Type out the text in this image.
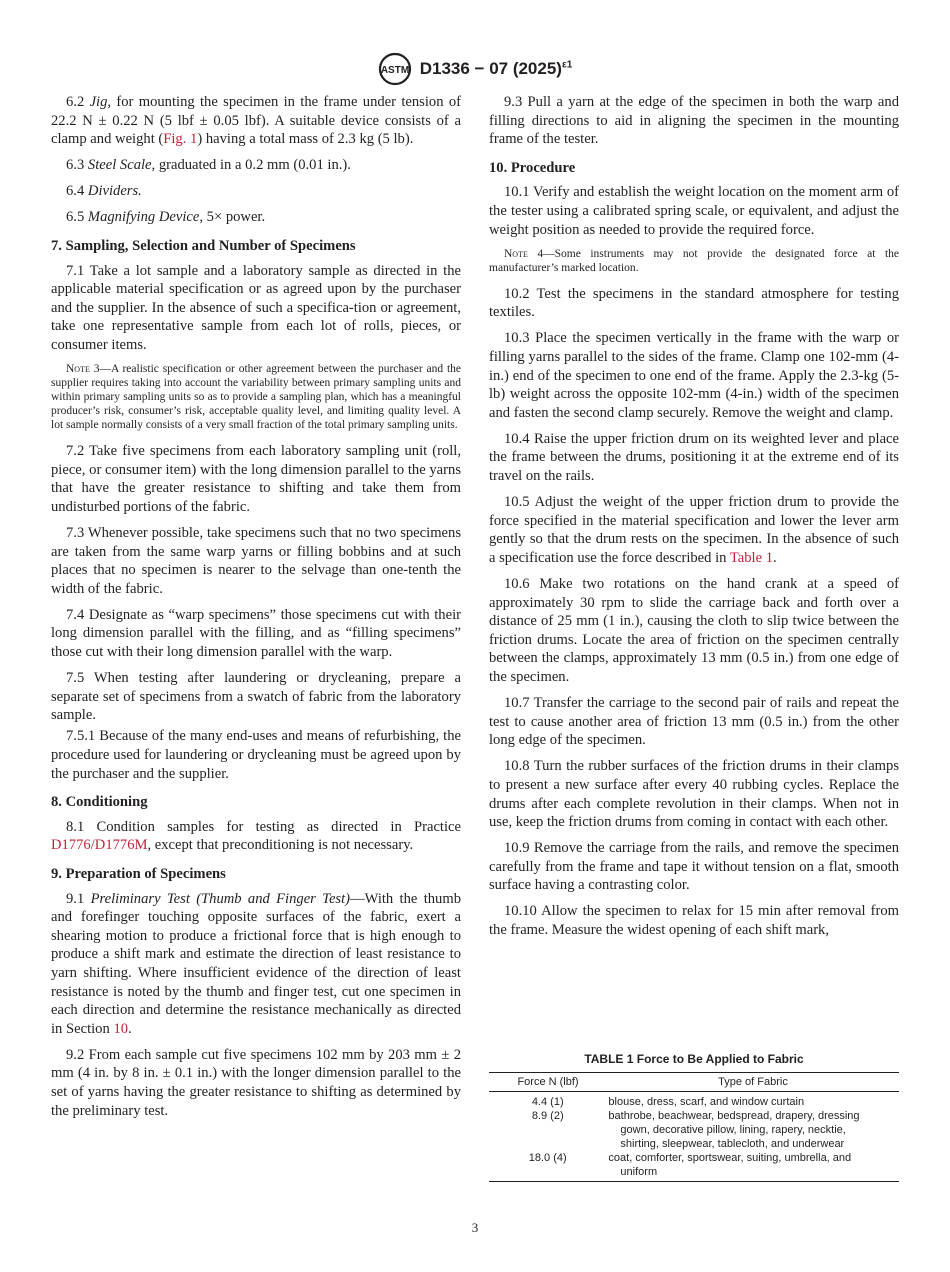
ASTM D1336 − 07 $(2025)^{\varepsilon 1}$

6.2 Jig, for mounting the specimen in the frame under tension of 22.2 N ± 0.22 N (5 lbf ± 0.05 lbf). A suitable device consists of a clamp and weight (Fig. 1) having a total mass of 2.3 kg (5 lb).

6.3 Steel Scale, graduated in a 0.2 mm (0.01 in.).

6.4 Dividers.

6.5 Magnifying Device, 5× power.

7. Sampling, Selection and Number of Specimens

7.1 Take a lot sample and a laboratory sample as directed in the applicable material specification or as agreed upon by the purchaser and the supplier. In the absence of such a specifica-tion or agreement, take one representative sample from each lot of rolls, pieces, or consumer items.

Note 3—A realistic specification or other agreement between the purchaser and the supplier requires taking into account the variability between primary sampling units and within primary sampling units so as to provide a sampling plan, which has a meaningful producer’s risk, consumer’s risk, acceptable quality level, and limiting quality level. A lot sample normally consists of a very small fraction of the total primary sampling units.

7.2 Take five specimens from each laboratory sampling unit (roll, piece, or consumer item) with the long dimension parallel to the yarns that have the greater resistance to shifting and take them from undisturbed portions of the fabric.

7.3 Whenever possible, take specimens such that no two specimens are taken from the same warp yarns or filling bobbins and at such places that no specimen is nearer to the selvage than one-tenth the width of the fabric.

7.4 Designate as “warp specimens” those specimens cut with their long dimension parallel with the filling, and as “filling specimens” those cut with their long dimension parallel with the warp.

7.5 When testing after laundering or drycleaning, prepare a separate set of specimens from a swatch of fabric from the laboratory sample.

7.5.1 Because of the many end-uses and means of refurbishing, the procedure used for laundering or drycleaning must be agreed upon by the purchaser and the supplier.

8. Conditioning

8.1 Condition samples for testing as directed in Practice D1776/D1776M, except that preconditioning is not necessary.

9. Preparation of Specimens

9.1 Preliminary Test (Thumb and Finger Test)—With the thumb and forefinger touching opposite surfaces of the fabric, exert a shearing motion to produce a frictional force that is high enough to produce a shift mark and estimate the direction of least resistance to yarn shifting. Where insufficient evidence of the direction of least resistance is noted by the thumb and finger test, cut one specimen in each direction and determine the resistance mechanically as directed in Section 10.

9.2 From each sample cut five specimens 102 mm by 203 mm ± 2 mm (4 in. by 8 in. ± 0.1 in.) with the longer dimension parallel to the set of yarns having the greater resistance to shifting as determined by the preliminary test.

9.3 Pull a yarn at the edge of the specimen in both the warp and filling directions to aid in aligning the specimen in the mounting frame of the tester.

10. Procedure

10.1 Verify and establish the weight location on the moment arm of the tester using a calibrated spring scale, or equivalent, and adjust the weight position as needed to provide the required force.

Note 4—Some instruments may not provide the designated force at the manufacturer’s marked location.

10.2 Test the specimens in the standard atmosphere for testing textiles.

10.3 Place the specimen vertically in the frame with the warp or filling yarns parallel to the sides of the frame. Clamp one 102-mm (4-in.) end of the specimen to one end of the frame. Apply the 2.3-kg (5-lb) weight across the opposite 102-mm (4-in.) width of the specimen and fasten the second clamp securely. Remove the weight and clamp.

10.4 Raise the upper friction drum on its weighted lever and place the frame between the drums, positioning it at the extreme end of its travel on the rails.

10.5 Adjust the weight of the upper friction drum to provide the force specified in the material specification and lower the lever arm gently so that the drum rests on the specimen. In the absence of such a specification use the force described in Table 1.

10.6 Make two rotations on the hand crank at a speed of approximately 30 rpm to slide the carriage back and forth over a distance of 25 mm (1 in.), causing the cloth to slip twice between the friction drums. Locate the area of friction on the specimen centrally between the clamps, approximately 13 mm (0.5 in.) from one edge of the specimen.

10.7 Transfer the carriage to the second pair of rails and repeat the test to cause another area of friction 13 mm (0.5 in.) from the other long edge of the specimen.

10.8 Turn the rubber surfaces of the friction drums in their clamps to present a new surface after every 40 rubbing cycles. Replace the drums after each complete revolution in their clamps. When not in use, keep the friction drums from coming in contact with each other.

10.9 Remove the carriage from the rails, and remove the specimen carefully from the frame and tape it without tension on a flat, smooth surface having a contrasting color.

10.10 Allow the specimen to relax for 15 min after removal from the frame. Measure the widest opening of each shift mark,

TABLE 1 Force to Be Applied to Fabric
Force N (lbf)	Type of Fabric
4.4 (1)	blouse, dress, scarf, and window curtain
8.9 (2)	bathrobe, beachwear, bedspread, drapery, dressing
gown, decorative pillow, lining, rapery, necktie,
shirting, sleepwear, tablecloth, and underwear
18.0 (4)	coat, comforter, sportswear, suiting, umbrella, and
uniform
3
